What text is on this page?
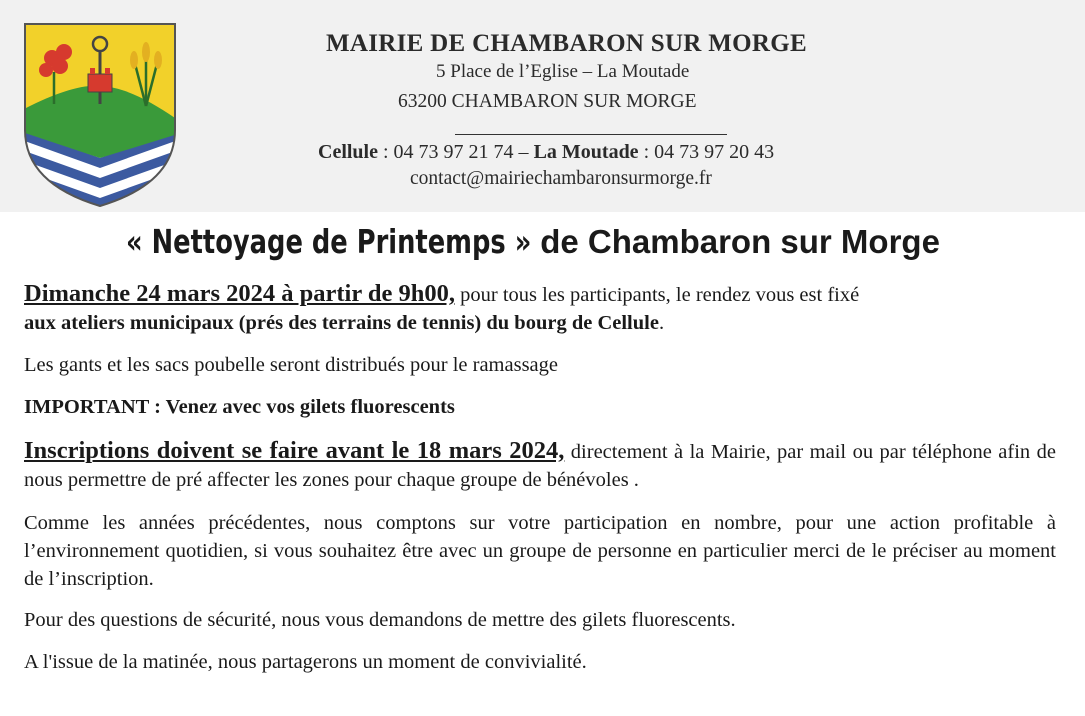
MAIRIE DE CHAMBARON SUR MORGE

5 Place de l’Eglise – La Moutade

63200 CHAMBARON SUR MORGE

Cellule : 04 73 97 21 74 – La Moutade : 04 73 97 20 43

contact@mairiechambaronsurmorge.fr

« Nettoyage de Printemps » de Chambaron sur Morge

Dimanche 24 mars 2024 à partir de 9h00, pour tous les participants, le rendez vous est fixé
aux ateliers municipaux (prés des terrains de tennis) du bourg de Cellule.

Les gants et les sacs poubelle seront distribués pour le ramassage

IMPORTANT : Venez avec vos gilets fluorescents

Inscriptions doivent se faire avant le 18 mars 2024, directement à la Mairie, par mail ou par téléphone afin de nous permettre de pré affecter les zones pour chaque groupe de bénévoles .

Comme les années précédentes, nous comptons sur votre participation en nombre, pour une action profitable à l’environnement quotidien, si vous souhaitez être avec un groupe de personne en particulier merci de le préciser au moment de l’inscription.

Pour des questions de sécurité, nous vous demandons de mettre des gilets fluorescents.

A l'issue de la matinée, nous partagerons un moment de convivialité.
